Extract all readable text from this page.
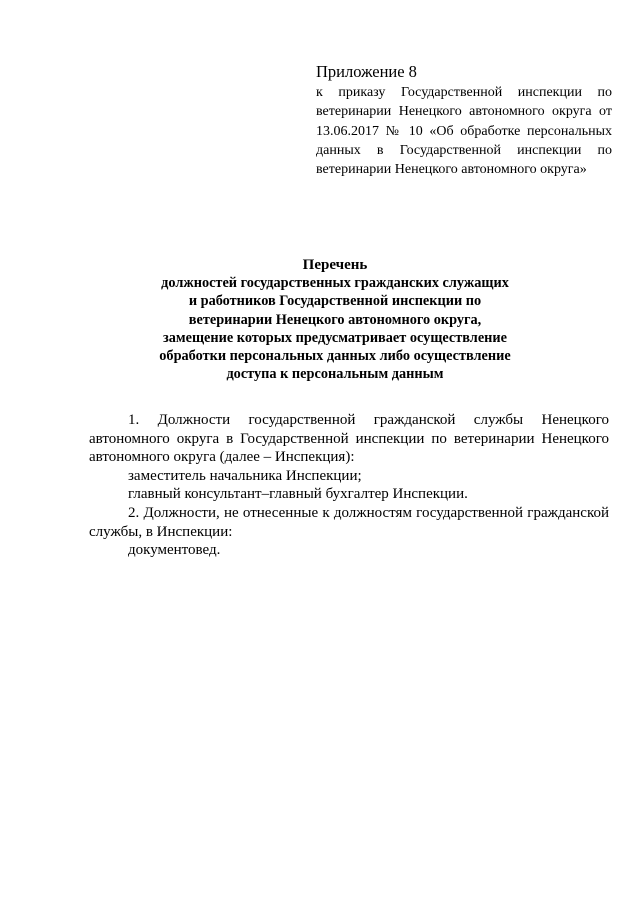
Приложение 8
к приказу Государственной инспекции по ветеринарии Ненецкого автономного округа от 13.06.2017 № 10 «Об обработке персональных данных в Государственной инспекции по ветеринарии Ненецкого автономного округа»
Перечень
должностей государственных гражданских служащих
и работников Государственной инспекции по
ветеринарии Ненецкого автономного округа,
замещение которых предусматривает осуществление
обработки персональных данных либо осуществление
доступа к персональным данным

1. Должности государственной гражданской службы Ненецкого автономного округа в Государственной инспекции по ветеринарии Ненецкого автономного округа (далее – Инспекция):

заместитель начальника Инспекции;

главный консультант–главный бухгалтер Инспекции.

2. Должности, не отнесенные к должностям государственной гражданской службы, в Инспекции:

документовед.
